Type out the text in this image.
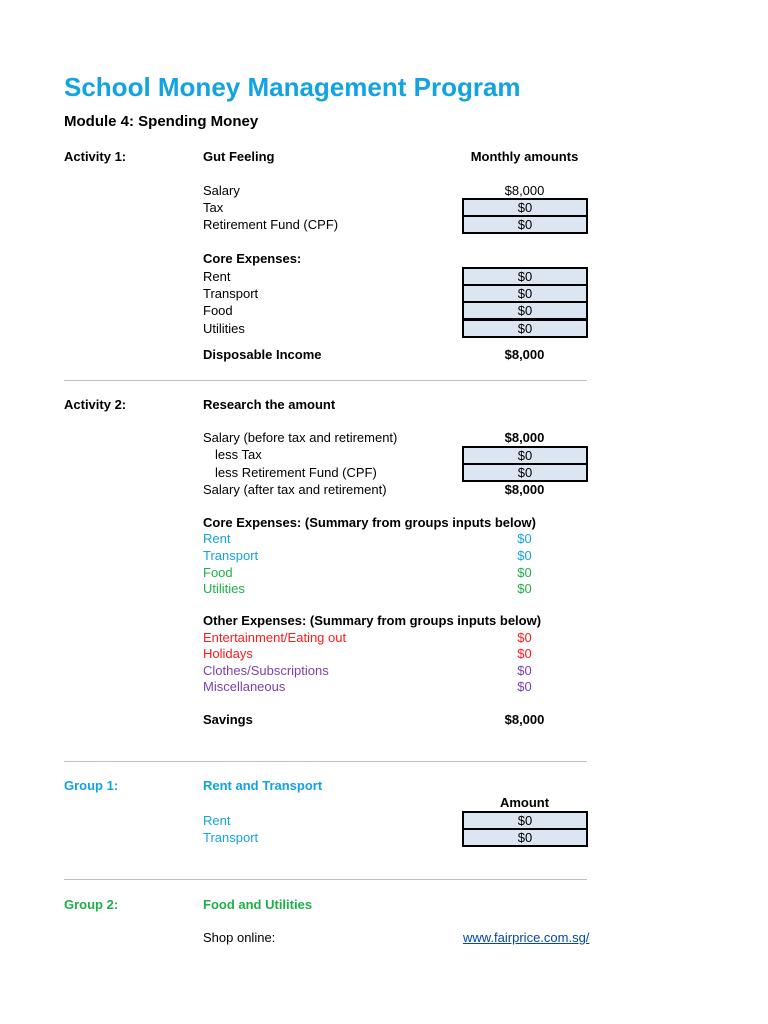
School Money Management Program
Module 4: Spending Money
Activity 1:	Gut Feeling	Monthly amounts
Salary	$8,000
Tax	$0
Retirement Fund (CPF)	$0
Core Expenses:
Rent	$0
Transport	$0
Food	$0
Utilities	$0
Disposable Income	$8,000
Activity 2:	Research the amount
Salary (before tax and retirement)	$8,000
less Tax	$0
less Retirement Fund (CPF)	$0
Salary (after tax and retirement)	$8,000
Core Expenses: (Summary from groups inputs below)
Rent	$0
Transport	$0
Food	$0
Utilities	$0
Other Expenses: (Summary from groups inputs below)
Entertainment/Eating out	$0
Holidays	$0
Clothes/Subscriptions	$0
Miscellaneous	$0
Savings	$8,000
Group 1:	Rent and Transport
Amount
Rent	$0
Transport	$0
Group 2:	Food and Utilities
Shop online:	www.fairprice.com.sg/
